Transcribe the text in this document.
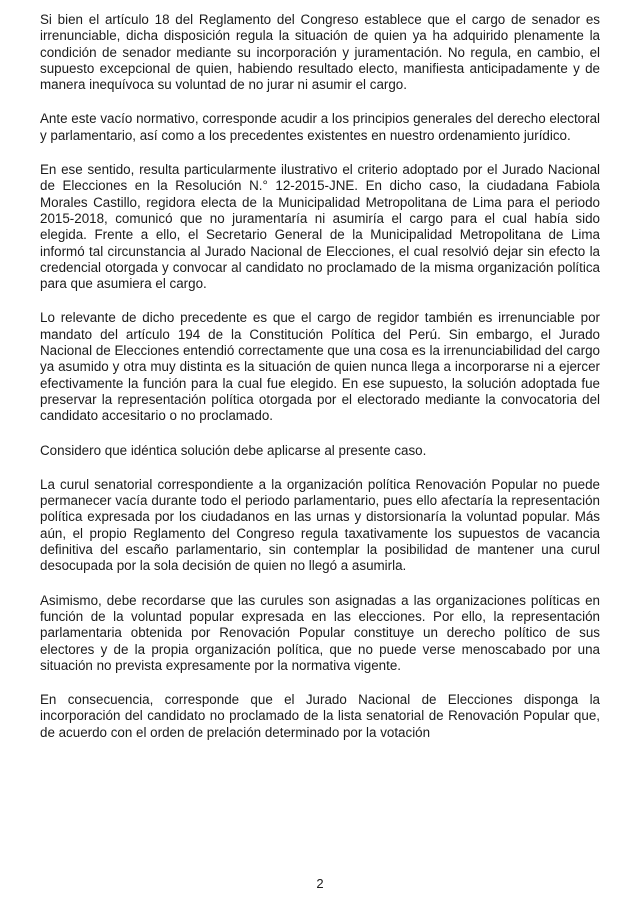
Si bien el artículo 18 del Reglamento del Congreso establece que el cargo de senador es irrenunciable, dicha disposición regula la situación de quien ya ha adquirido plenamente la condición de senador mediante su incorporación y juramentación. No regula, en cambio, el supuesto excepcional de quien, habiendo resultado electo, manifiesta anticipadamente y de manera inequívoca su voluntad de no jurar ni asumir el cargo.

Ante este vacío normativo, corresponde acudir a los principios generales del derecho electoral y parlamentario, así como a los precedentes existentes en nuestro ordenamiento jurídico.

En ese sentido, resulta particularmente ilustrativo el criterio adoptado por el Jurado Nacional de Elecciones en la Resolución N.° 12-2015-JNE. En dicho caso, la ciudadana Fabiola Morales Castillo, regidora electa de la Municipalidad Metropolitana de Lima para el periodo 2015-2018, comunicó que no juramentaría ni asumiría el cargo para el cual había sido elegida. Frente a ello, el Secretario General de la Municipalidad Metropolitana de Lima informó tal circunstancia al Jurado Nacional de Elecciones, el cual resolvió dejar sin efecto la credencial otorgada y convocar al candidato no proclamado de la misma organización política para que asumiera el cargo.

Lo relevante de dicho precedente es que el cargo de regidor también es irrenunciable por mandato del artículo 194 de la Constitución Política del Perú. Sin embargo, el Jurado Nacional de Elecciones entendió correctamente que una cosa es la irrenunciabilidad del cargo ya asumido y otra muy distinta es la situación de quien nunca llega a incorporarse ni a ejercer efectivamente la función para la cual fue elegido. En ese supuesto, la solución adoptada fue preservar la representación política otorgada por el electorado mediante la convocatoria del candidato accesitario o no proclamado.

Considero que idéntica solución debe aplicarse al presente caso.

La curul senatorial correspondiente a la organización política Renovación Popular no puede permanecer vacía durante todo el periodo parlamentario, pues ello afectaría la representación política expresada por los ciudadanos en las urnas y distorsionaría la voluntad popular. Más aún, el propio Reglamento del Congreso regula taxativamente los supuestos de vacancia definitiva del escaño parlamentario, sin contemplar la posibilidad de mantener una curul desocupada por la sola decisión de quien no llegó a asumirla.

Asimismo, debe recordarse que las curules son asignadas a las organizaciones políticas en función de la voluntad popular expresada en las elecciones. Por ello, la representación parlamentaria obtenida por Renovación Popular constituye un derecho político de sus electores y de la propia organización política, que no puede verse menoscabado por una situación no prevista expresamente por la normativa vigente.

En consecuencia, corresponde que el Jurado Nacional de Elecciones disponga la incorporación del candidato no proclamado de la lista senatorial de Renovación Popular que, de acuerdo con el orden de prelación determinado por la votación

2
